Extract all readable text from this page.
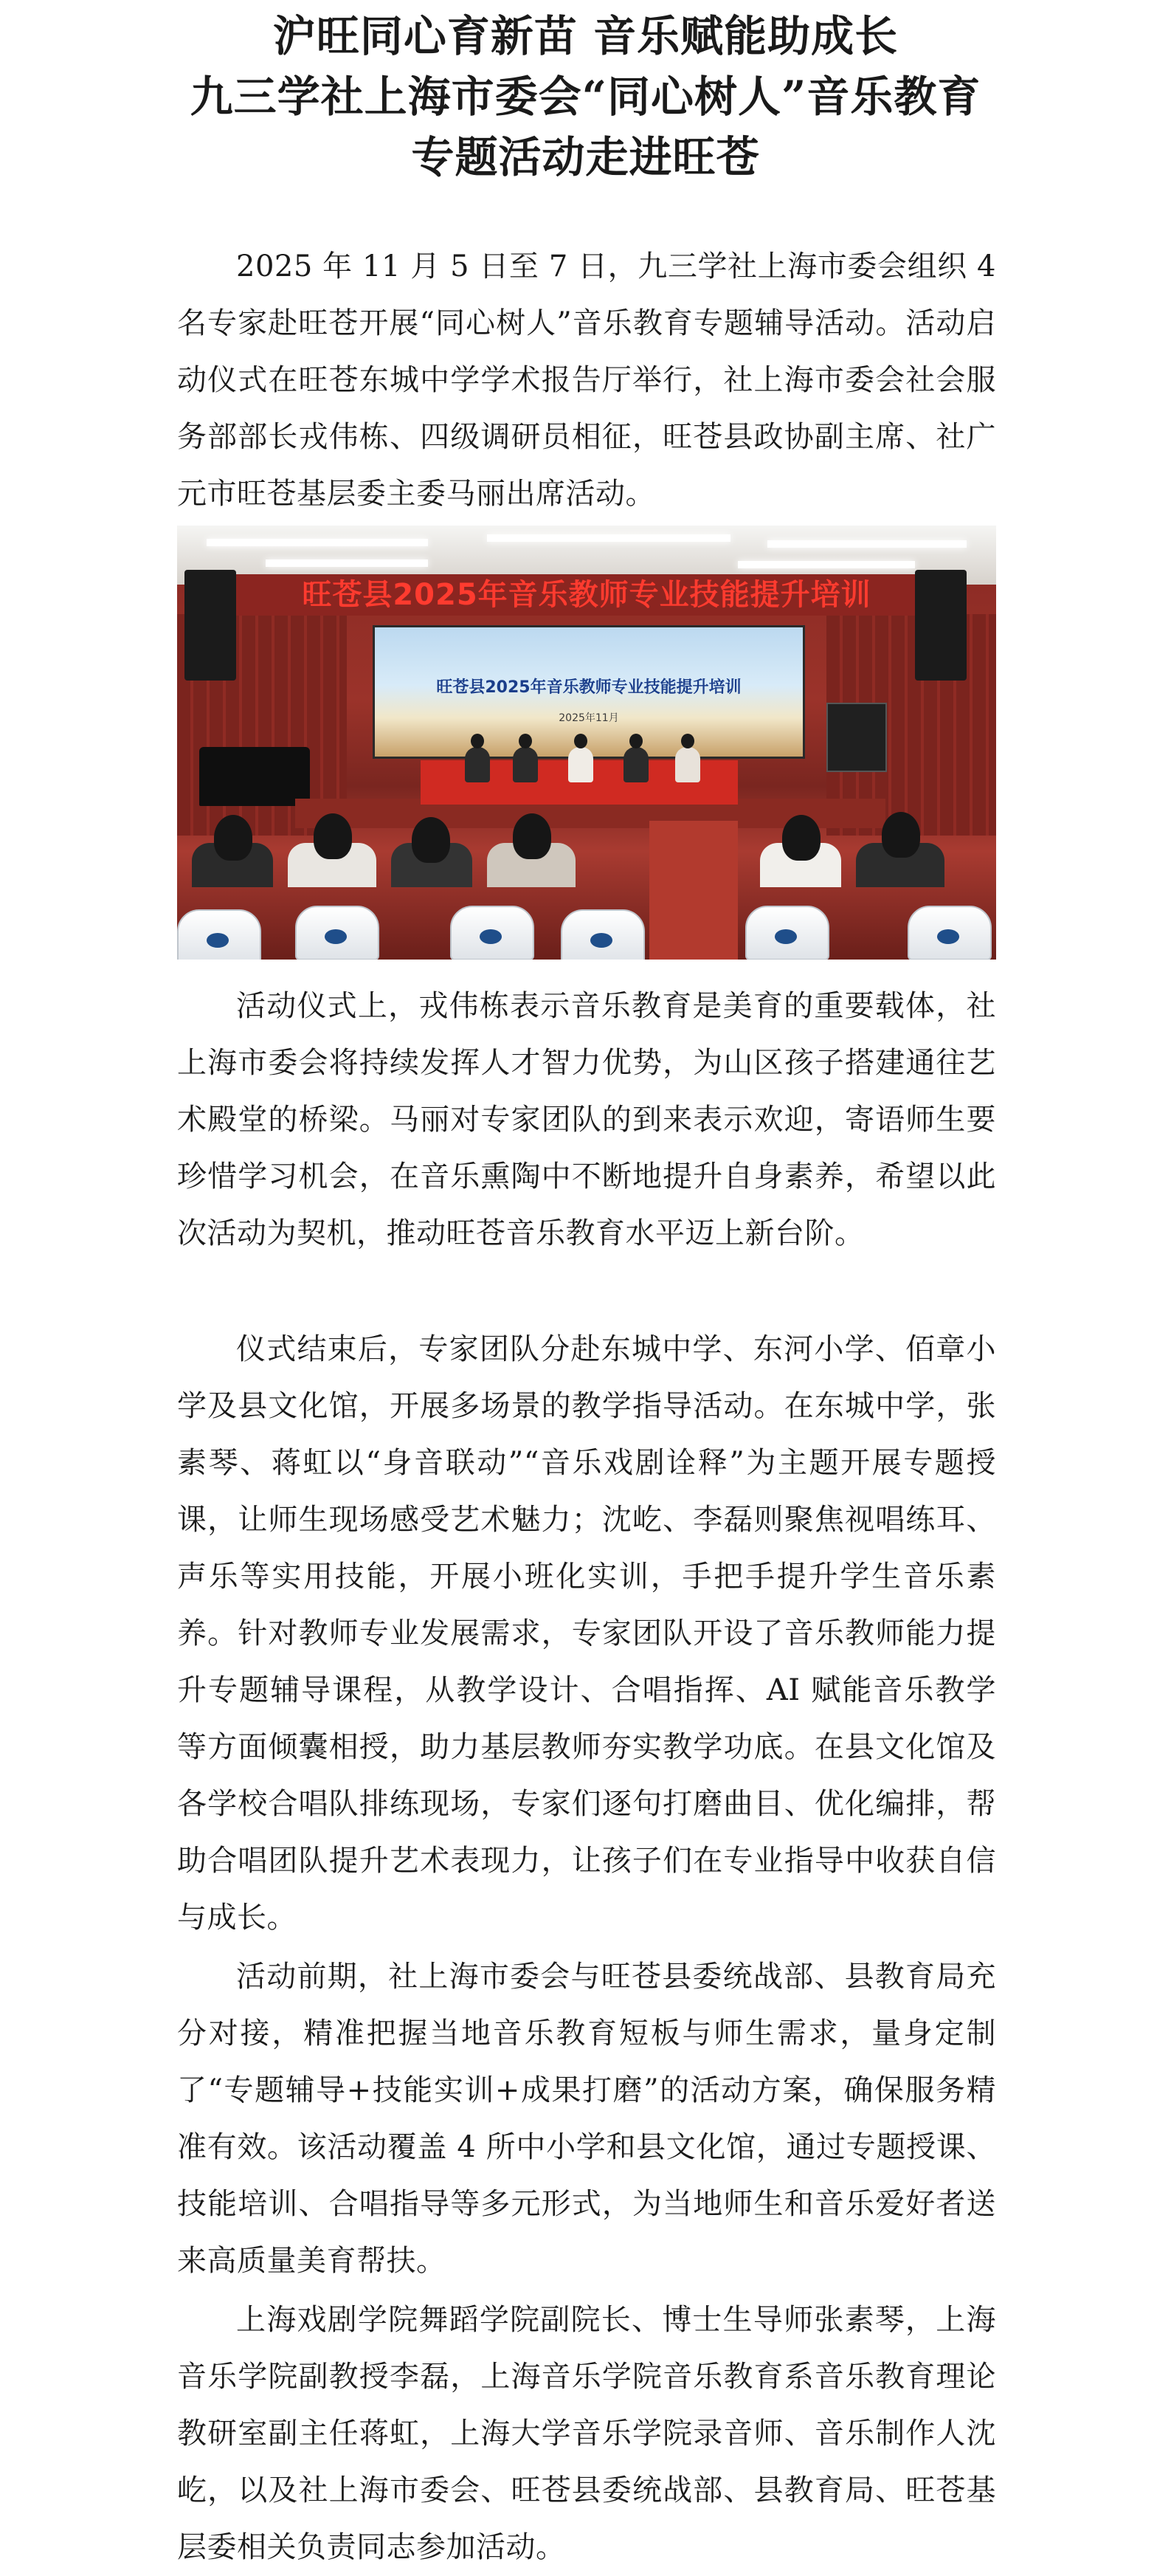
沪旺同心育新苗 音乐赋能助成长
九三学社上海市委会“同心树人”音乐教育
专题活动走进旺苍

2025 年 11 月 5 日至 7 日，九三学社上海市委会组织 4 名专家赴旺苍开展“同心树人”音乐教育专题辅导活动。活动启动仪式在旺苍东城中学学术报告厅举行，社上海市委会社会服务部部长戎伟栋、四级调研员相征，旺苍县政协副主席、社广元市旺苍基层委主委马丽出席活动。

旺苍县2025年音乐教师专业技能提升培训
旺苍县2025年音乐教师专业技能提升培训
2025年11月

活动仪式上，戎伟栋表示音乐教育是美育的重要载体，社上海市委会将持续发挥人才智力优势，为山区孩子搭建通往艺术殿堂的桥梁。马丽对专家团队的到来表示欢迎，寄语师生要珍惜学习机会，在音乐熏陶中不断地提升自身素养，希望以此次活动为契机，推动旺苍音乐教育水平迈上新台阶。

仪式结束后，专家团队分赴东城中学、东河小学、佰章小学及县文化馆，开展多场景的教学指导活动。在东城中学，张素琴、蒋虹以“身音联动”“音乐戏剧诠释”为主题开展专题授课，让师生现场感受艺术魅力；沈屹、李磊则聚焦视唱练耳、声乐等实用技能，开展小班化实训，手把手提升学生音乐素养。针对教师专业发展需求，专家团队开设了音乐教师能力提升专题辅导课程，从教学设计、合唱指挥、AI 赋能音乐教学等方面倾囊相授，助力基层教师夯实教学功底。在县文化馆及各学校合唱队排练现场，专家们逐句打磨曲目、优化编排，帮助合唱团队提升艺术表现力，让孩子们在专业指导中收获自信与成长。

活动前期，社上海市委会与旺苍县委统战部、县教育局充分对接，精准把握当地音乐教育短板与师生需求，量身定制了“专题辅导+技能实训+成果打磨”的活动方案，确保服务精准有效。该活动覆盖 4 所中小学和县文化馆，通过专题授课、技能培训、合唱指导等多元形式，为当地师生和音乐爱好者送来高质量美育帮扶。

上海戏剧学院舞蹈学院副院长、博士生导师张素琴，上海音乐学院副教授李磊，上海音乐学院音乐教育系音乐教育理论教研室副主任蒋虹，上海大学音乐学院录音师、音乐制作人沈屹，以及社上海市委会、旺苍县委统战部、县教育局、旺苍基层委相关负责同志参加活动。
